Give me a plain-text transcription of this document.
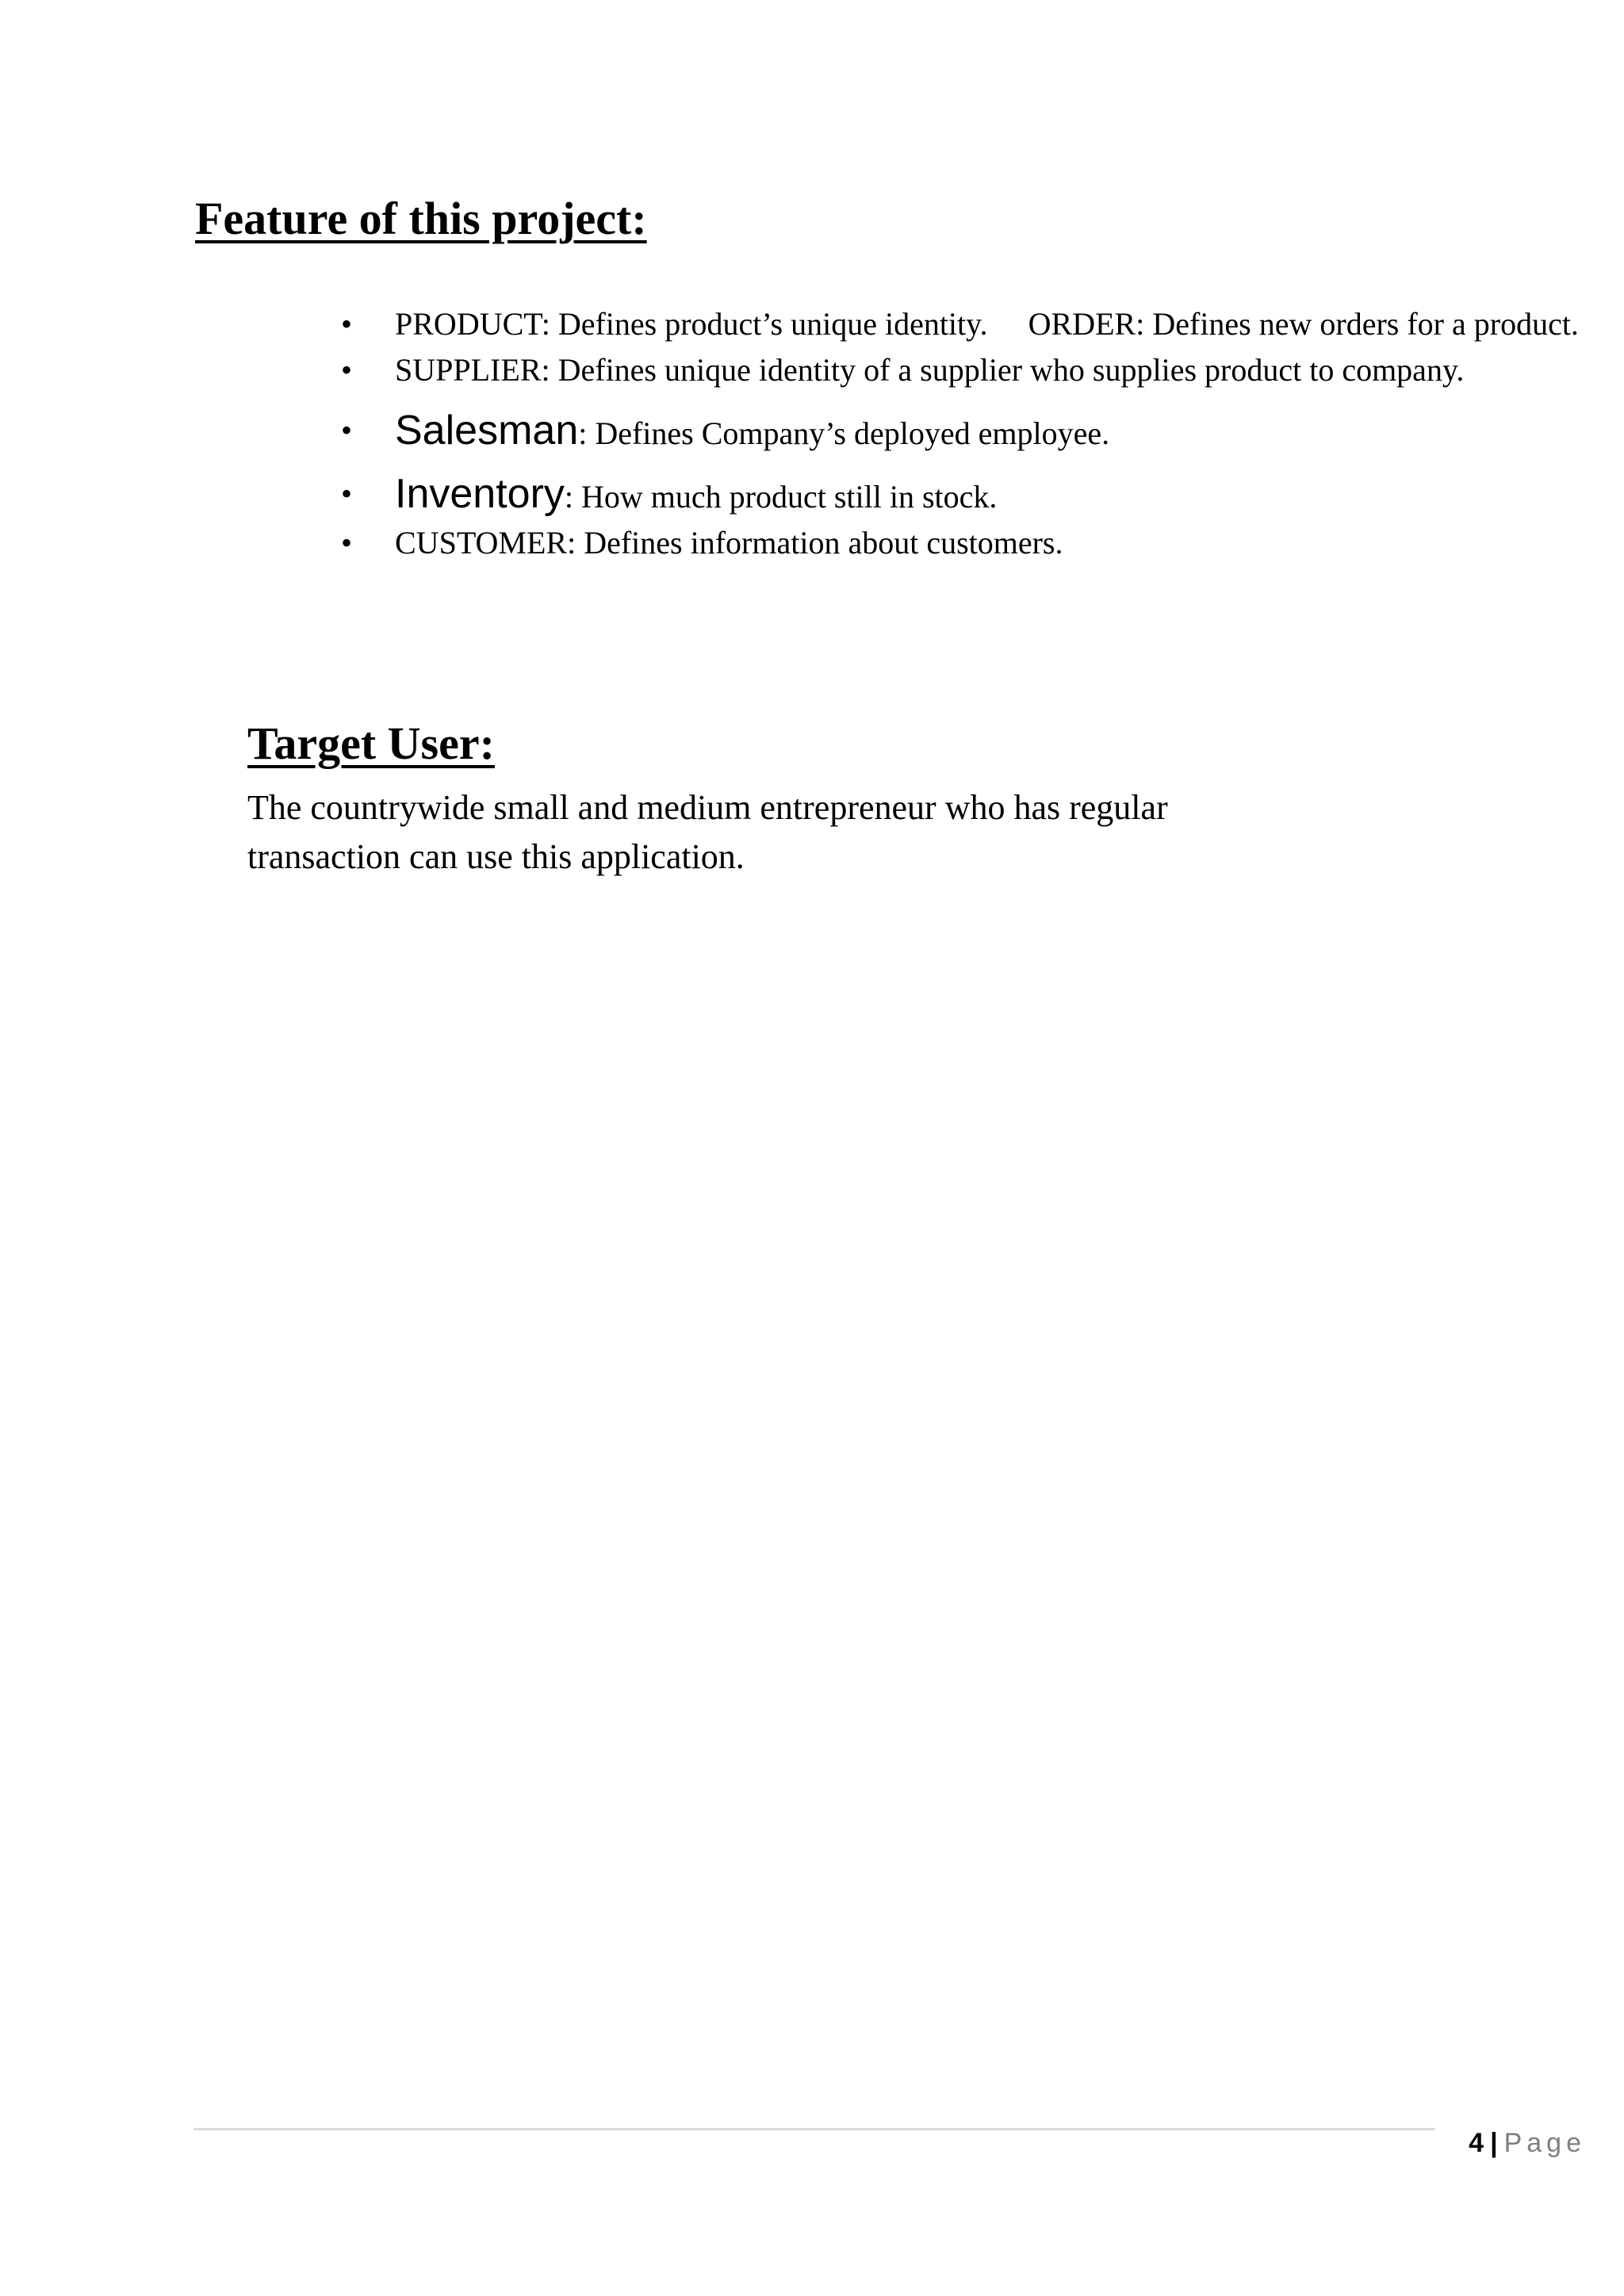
Feature of this project:
• PRODUCT: Defines product’s unique identity. ORDER: Defines new orders for a product.
• SUPPLIER: Defines unique identity of a supplier who supplies product to company.
• Salesman: Defines Company’s deployed employee.
• Inventory: How much product still in stock.
• CUSTOMER: Defines information about customers.
Target User:

The countrywide small and medium entrepreneur who has regular transaction can use this application.

4 | Page
